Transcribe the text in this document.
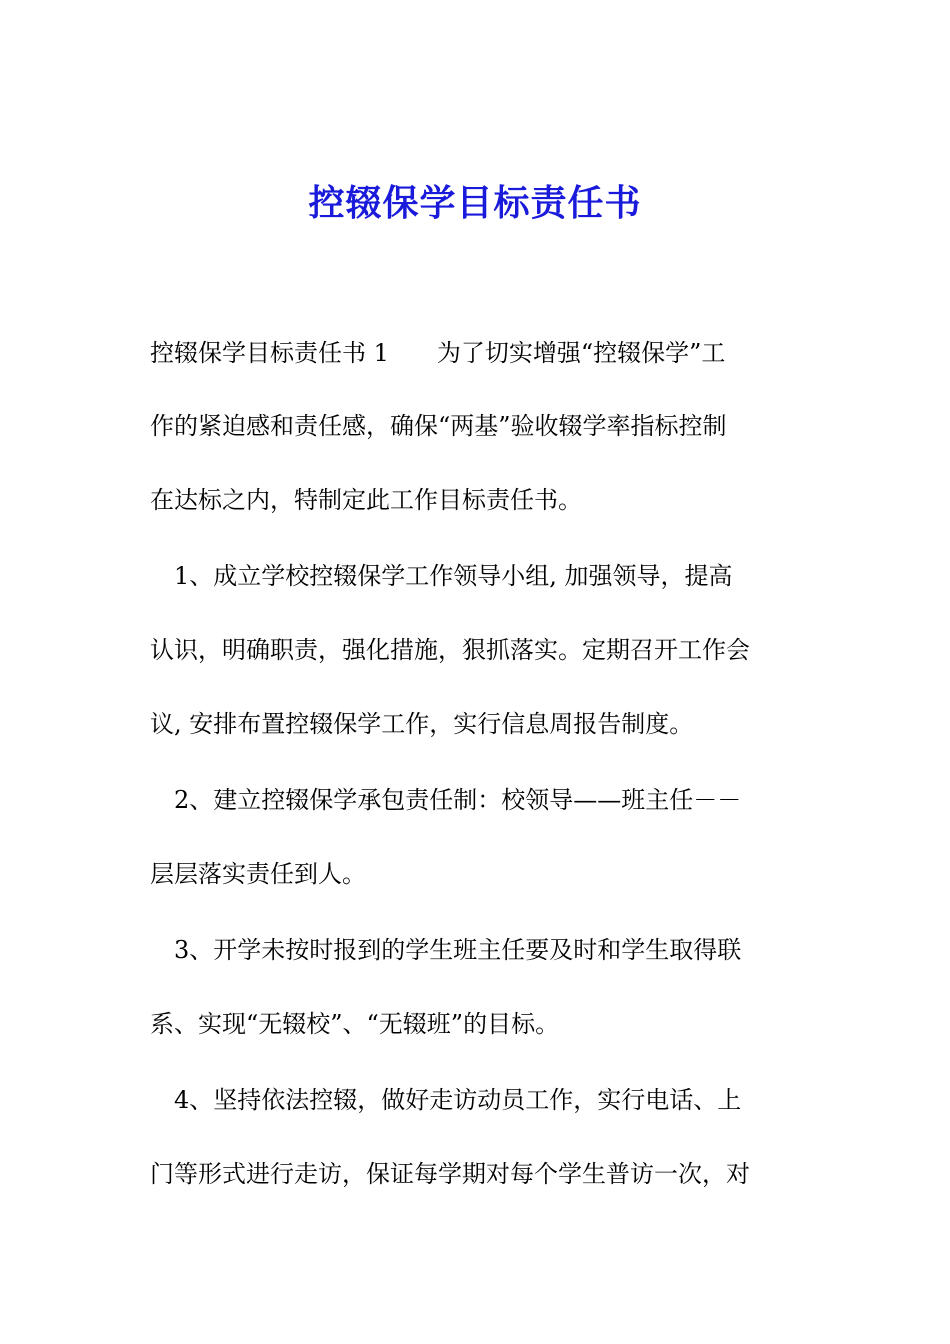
控辍保学目标责任书
控辍保学目标责任书 1　　为了切实增强“控辍保学”工
作的紧迫感和责任感，确保“两基”验收辍学率指标控制
在达标之内，特制定此工作目标责任书。
　1、成立学校控辍保学工作领导小组, 加强领导，提高
认识，明确职责，强化措施，狠抓落实。定期召开工作会
议, 安排布置控辍保学工作，实行信息周报告制度。
　2、建立控辍保学承包责任制：校领导——班主任－－
层层落实责任到人。
　3、开学未按时报到的学生班主任要及时和学生取得联
系、实现“无辍校”、“无辍班”的目标。
　4、坚持依法控辍，做好走访动员工作，实行电话、上
门等形式进行走访，保证每学期对每个学生普访一次，对
